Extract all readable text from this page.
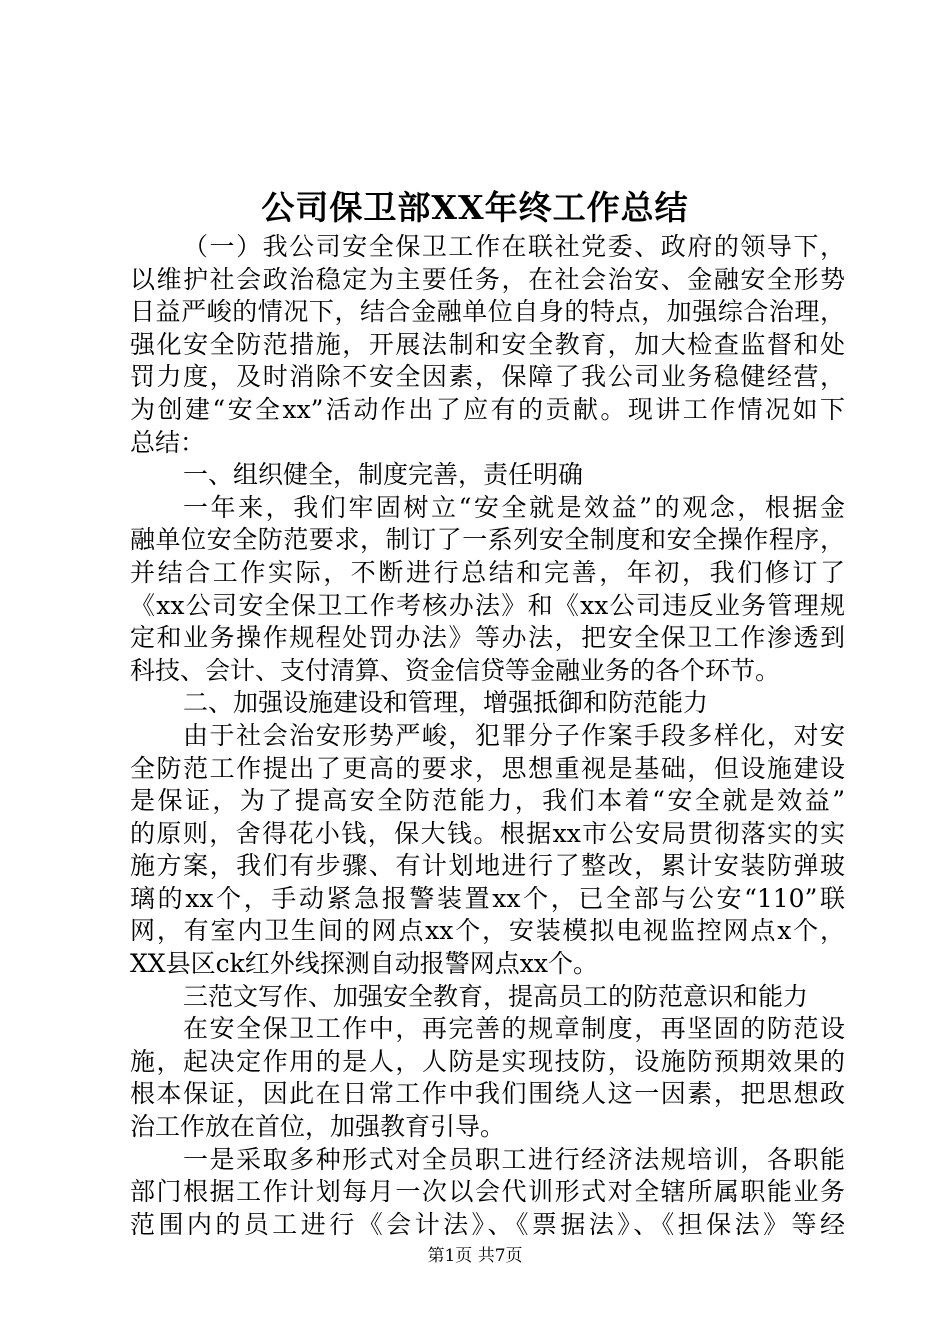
公司保卫部XX年终工作总结
（一）我公司安全保卫工作在联社党委、政府的领导下，
以维护社会政治稳定为主要任务，在社会治安、金融安全形势
日益严峻的情况下，结合金融单位自身的特点，加强综合治理，
强化安全防范措施，开展法制和安全教育，加大检查监督和处
罚力度，及时消除不安全因素，保障了我公司业务稳健经营，
为创建“安全xx”活动作出了应有的贡献。现讲工作情况如下
总结：
一、组织健全，制度完善，责任明确
一年来，我们牢固树立“安全就是效益”的观念，根据金
融单位安全防范要求，制订了一系列安全制度和安全操作程序，
并结合工作实际，不断进行总结和完善，年初，我们修订了
《xx公司安全保卫工作考核办法》和《xx公司违反业务管理规
定和业务操作规程处罚办法》等办法，把安全保卫工作渗透到
科技、会计、支付清算、资金信贷等金融业务的各个环节。
二、加强设施建设和管理，增强抵御和防范能力
由于社会治安形势严峻，犯罪分子作案手段多样化，对安
全防范工作提出了更高的要求，思想重视是基础，但设施建设
是保证，为了提高安全防范能力，我们本着“安全就是效益”
的原则，舍得花小钱，保大钱。根据xx市公安局贯彻落实的实
施方案，我们有步骤、有计划地进行了整改，累计安装防弹玻
璃的xx个，手动紧急报警装置xx个，已全部与公安“110”联
网，有室内卫生间的网点xx个，安装模拟电视监控网点x个，
XX县区ck红外线探测自动报警网点xx个。
三范文写作、加强安全教育，提高员工的防范意识和能力
在安全保卫工作中，再完善的规章制度，再坚固的防范设
施，起决定作用的是人，人防是实现技防，设施防预期效果的
根本保证，因此在日常工作中我们围绕人这一因素，把思想政
治工作放在首位，加强教育引导。
一是采取多种形式对全员职工进行经济法规培训，各职能
部门根据工作计划每月一次以会代训形式对全辖所属职能业务
范围内的员工进行《会计法》、《票据法》、《担保法》等经
第1页 共7页
